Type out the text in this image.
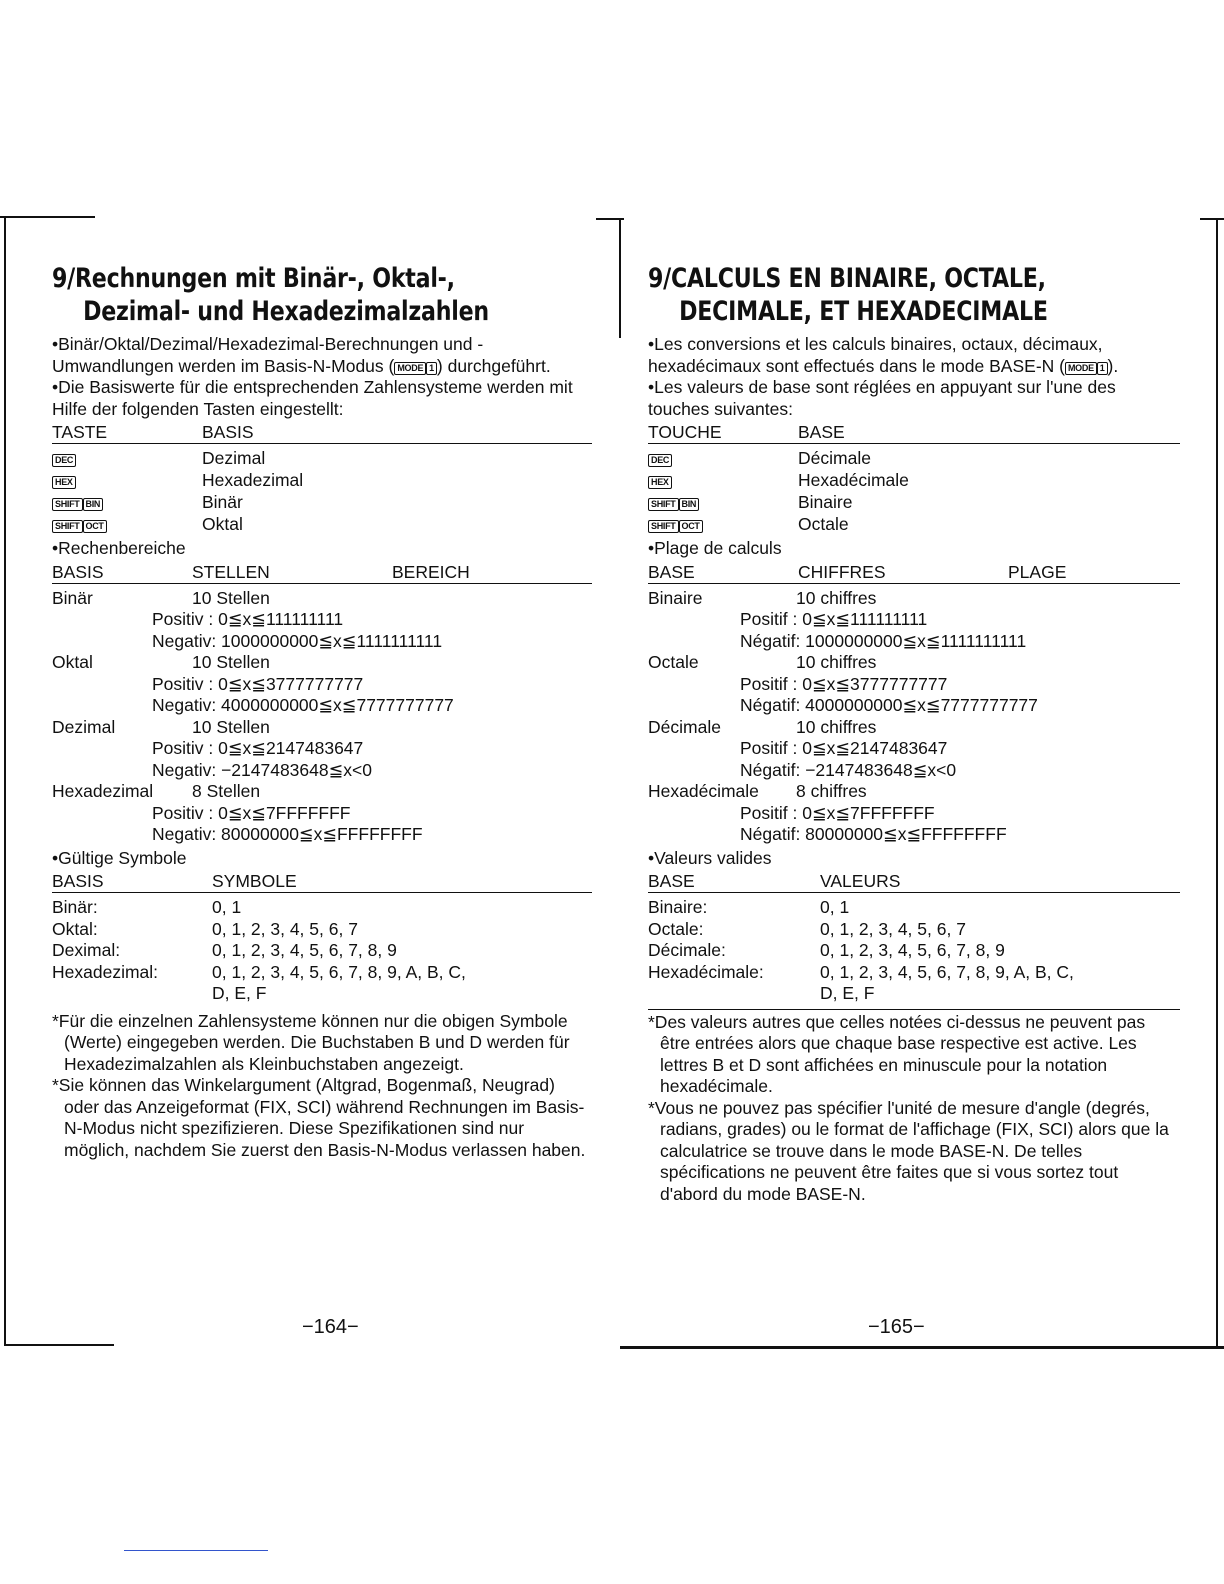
9/Rechnungen mit Binär-, Oktal-,
Dezimal- und Hexadezimalzahlen

•Binär/Oktal/Dezimal/Hexadezimal-Berechnungen und -Umwandlungen werden im Basis-N-Modus ( MODE 1 ) durchgeführt.

•Die Basiswerte für die entsprechenden Zahlensysteme werden mit Hilfe der folgenden Tasten eingestellt:

TASTE	BASIS
DEC	Dezimal
HEX	Hexadezimal
SHIFT BIN	Binär
SHIFT OCT	Oktal
•Rechenbereiche
BASIS	STELLEN	BEREICH
Binär	10 Stellen
Positiv : 0≦x≦111111111
Negativ: 1000000000≦x≦1111111111
Oktal	10 Stellen
Positiv : 0≦x≦3777777777
Negativ: 4000000000≦x≦7777777777
Dezimal	10 Stellen
Positiv : 0≦x≦2147483647
Negativ: −2147483648≦x<0
Hexadezimal	8 Stellen
Positiv : 0≦x≦7FFFFFFF
Negativ: 80000000≦x≦FFFFFFFF
•Gültige Symbole
BASIS	SYMBOLE
Binär:	0, 1
Oktal:	0, 1, 2, 3, 4, 5, 6, 7
Deximal:	0, 1, 2, 3, 4, 5, 6, 7, 8, 9
Hexadezimal:	0, 1, 2, 3, 4, 5, 6, 7, 8, 9, A, B, C,
D, E, F

*Für die einzelnen Zahlensysteme können nur die obigen Symbole (Werte) eingegeben werden. Die Buchstaben B und D werden für Hexadezimalzahlen als Kleinbuchstaben angezeigt.

*Sie können das Winkelargument (Altgrad, Bogenmaß, Neugrad) oder das Anzeigeformat (FIX, SCI) während Rechnungen im Basis-N-Modus nicht spezifizieren. Diese Spezifikationen sind nur möglich, nachdem Sie zuerst den Basis-N-Modus verlassen haben.

−164−
9/CALCULS EN BINAIRE, OCTALE,
DECIMALE, ET HEXADECIMALE

•Les conversions et les calculs binaires, octaux, décimaux, hexadécimaux sont effectués dans le mode BASE-N ( MODE 1 ).

•Les valeurs de base sont réglées en appuyant sur l'une des touches suivantes:

TOUCHE	BASE
DEC	Décimale
HEX	Hexadécimale
SHIFT BIN	Binaire
SHIFT OCT	Octale
•Plage de calculs
BASE	CHIFFRES	PLAGE
Binaire	10 chiffres
Positif : 0≦x≦111111111
Négatif: 1000000000≦x≦1111111111
Octale	10 chiffres
Positif : 0≦x≦3777777777
Négatif: 4000000000≦x≦7777777777
Décimale	10 chiffres
Positif : 0≦x≦2147483647
Négatif: −2147483648≦x<0
Hexadécimale	8 chiffres
Positif : 0≦x≦7FFFFFFF
Négatif: 80000000≦x≦FFFFFFFF
•Valeurs valides
BASE	VALEURS
Binaire:	0, 1
Octale:	0, 1, 2, 3, 4, 5, 6, 7
Décimale:	0, 1, 2, 3, 4, 5, 6, 7, 8, 9
Hexadécimale:	0, 1, 2, 3, 4, 5, 6, 7, 8, 9, A, B, C,
D, E, F

*Des valeurs autres que celles notées ci-dessus ne peuvent pas être entrées alors que chaque base respective est active. Les lettres B et D sont affichées en minuscule pour la notation hexadécimale.

*Vous ne pouvez pas spécifier l'unité de mesure d'angle (degrés, radians, grades) ou le format de l'affichage (FIX, SCI) alors que la calculatrice se trouve dans le mode BASE-N. De telles spécifications ne peuvent être faites que si vous sortez tout d'abord du mode BASE-N.

−165−
